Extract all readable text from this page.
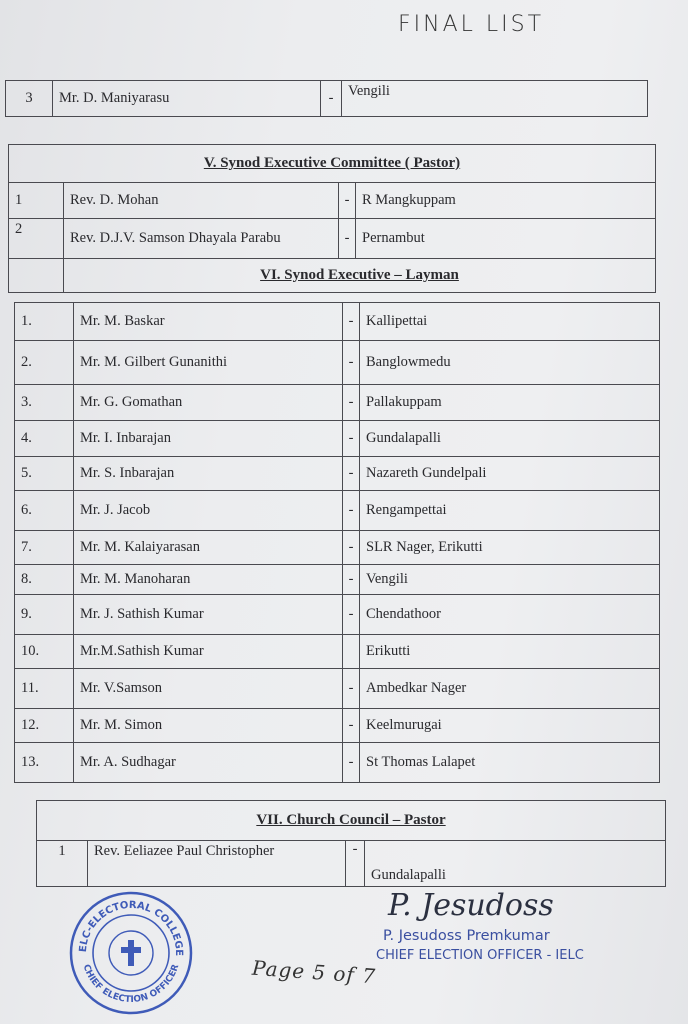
FINAL LIST
3	Mr. D. Maniyarasu	-	Vengili
V. Synod Executive Committee ( Pastor)			
1	Rev. D. Mohan	-	R Mangkuppam
2	Rev. D.J.V. Samson Dhayala Parabu	-	Pernambut
	VI. Synod Executive – Layman		
1.	Mr. M. Baskar	-	Kallipettai
2.	Mr. M. Gilbert Gunanithi	-	Banglowmedu
3.	Mr. G. Gomathan	-	Pallakuppam
4.	Mr. I. Inbarajan	-	Gundalapalli
5.	Mr. S. Inbarajan	-	Nazareth Gundelpali
6.	Mr. J. Jacob	-	Rengampettai
7.	Mr. M. Kalaiyarasan	-	SLR Nager, Erikutti
8.	Mr. M. Manoharan	-	Vengili
9.	Mr. J. Sathish Kumar	-	Chendathoor
10.	Mr.M.Sathish Kumar		Erikutti
11.	Mr. V.Samson	-	Ambedkar Nager
12.	Mr. M. Simon	-	Keelmurugai
13.	Mr. A. Sudhagar	-	St Thomas Lalapet
VII. Church Council – Pastor
1	Rev. Eeliazee Paul Christopher	-	Gundalapalli
ELC-ELECTORAL COLLEGE
CHIEF ELECTION OFFICER
P. Jesudoss
P. Jesudoss Premkumar
CHIEF ELECTION OFFICER - IELC
Page 5 of 7
